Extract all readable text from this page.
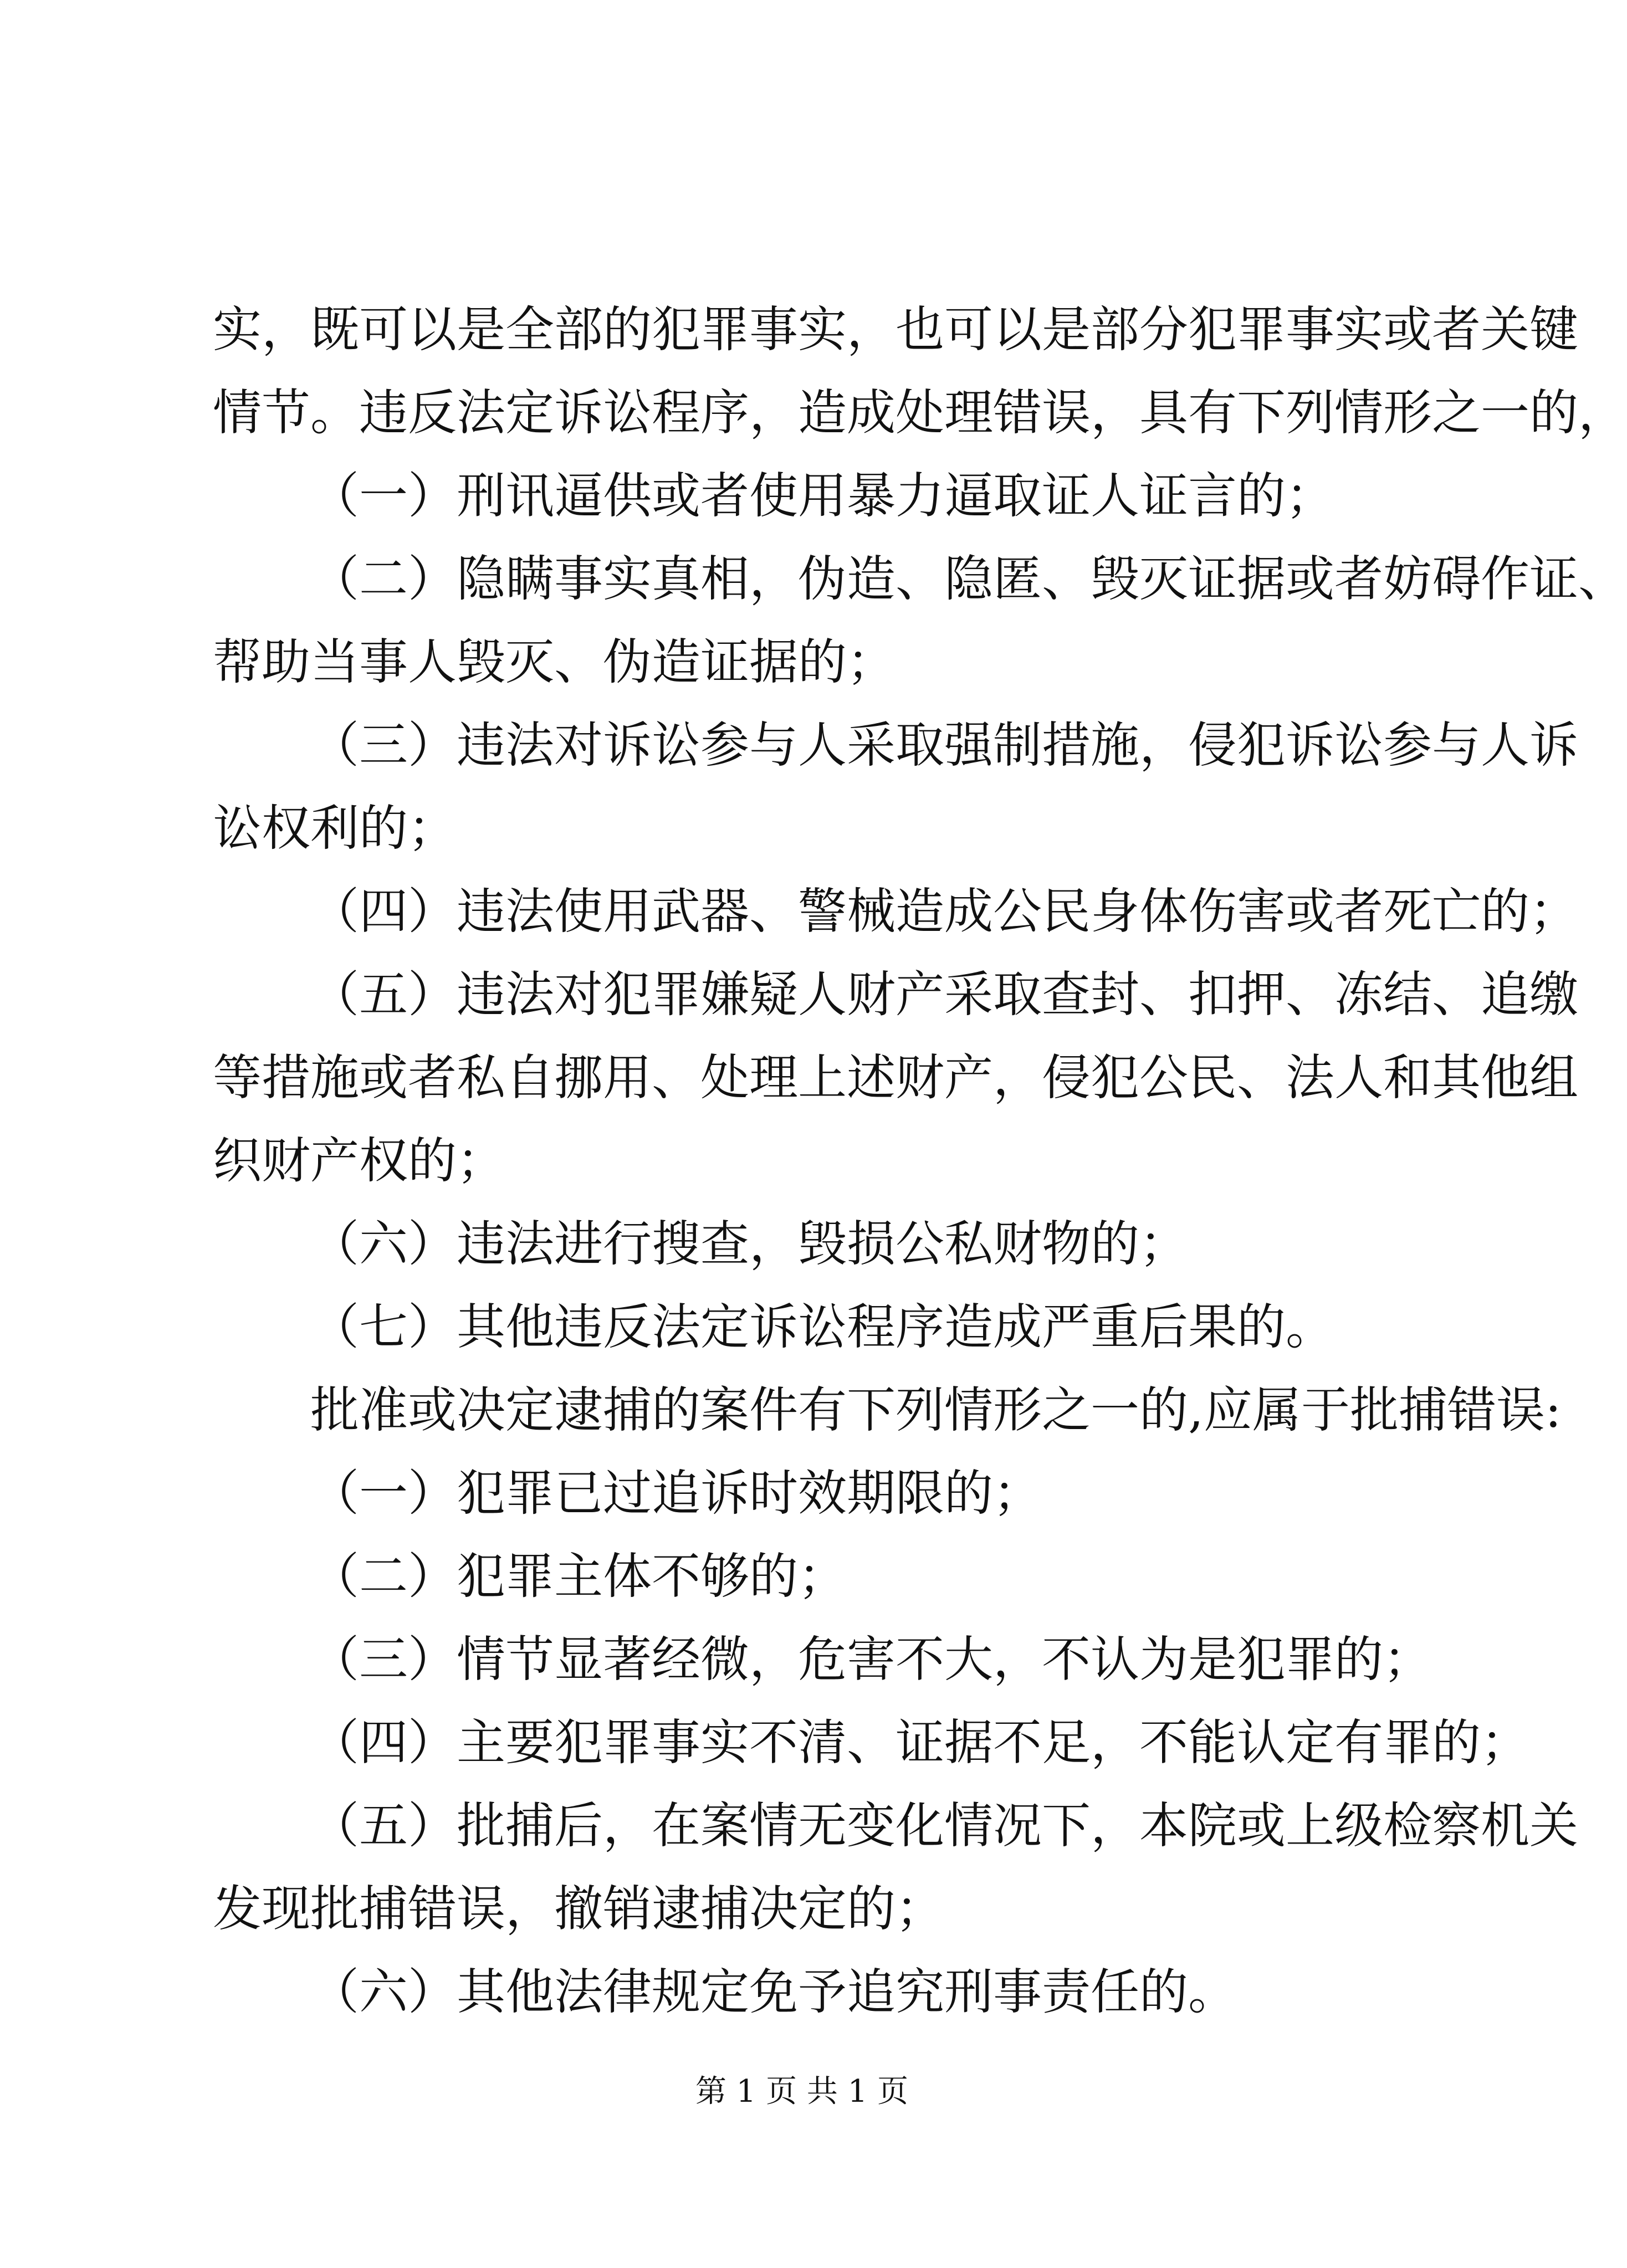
实，既可以是全部的犯罪事实，也可以是部分犯罪事实或者关键
情节。违反法定诉讼程序，造成处理错误，具有下列情形之一的，
（一）刑讯逼供或者使用暴力逼取证人证言的；
（二）隐瞒事实真相，伪造、隐匿、毁灭证据或者妨碍作证、
帮助当事人毁灭、伪造证据的；
（三）违法对诉讼参与人采取强制措施，侵犯诉讼参与人诉
讼权利的；
（四）违法使用武器、警械造成公民身体伤害或者死亡的；
（五）违法对犯罪嫌疑人财产采取查封、扣押、冻结、追缴
等措施或者私自挪用、处理上述财产，侵犯公民、法人和其他组
织财产权的；
（六）违法进行搜查，毁损公私财物的；
（七）其他违反法定诉讼程序造成严重后果的。
批准或决定逮捕的案件有下列情形之一的,应属于批捕错误:
（一）犯罪已过追诉时效期限的；
（二）犯罪主体不够的；
（三）情节显著经微，危害不大，不认为是犯罪的；
（四）主要犯罪事实不清、证据不足，不能认定有罪的；
（五）批捕后，在案情无变化情况下，本院或上级检察机关
发现批捕错误，撤销逮捕决定的；
（六）其他法律规定免予追究刑事责任的。
第 1 页 共 1 页
